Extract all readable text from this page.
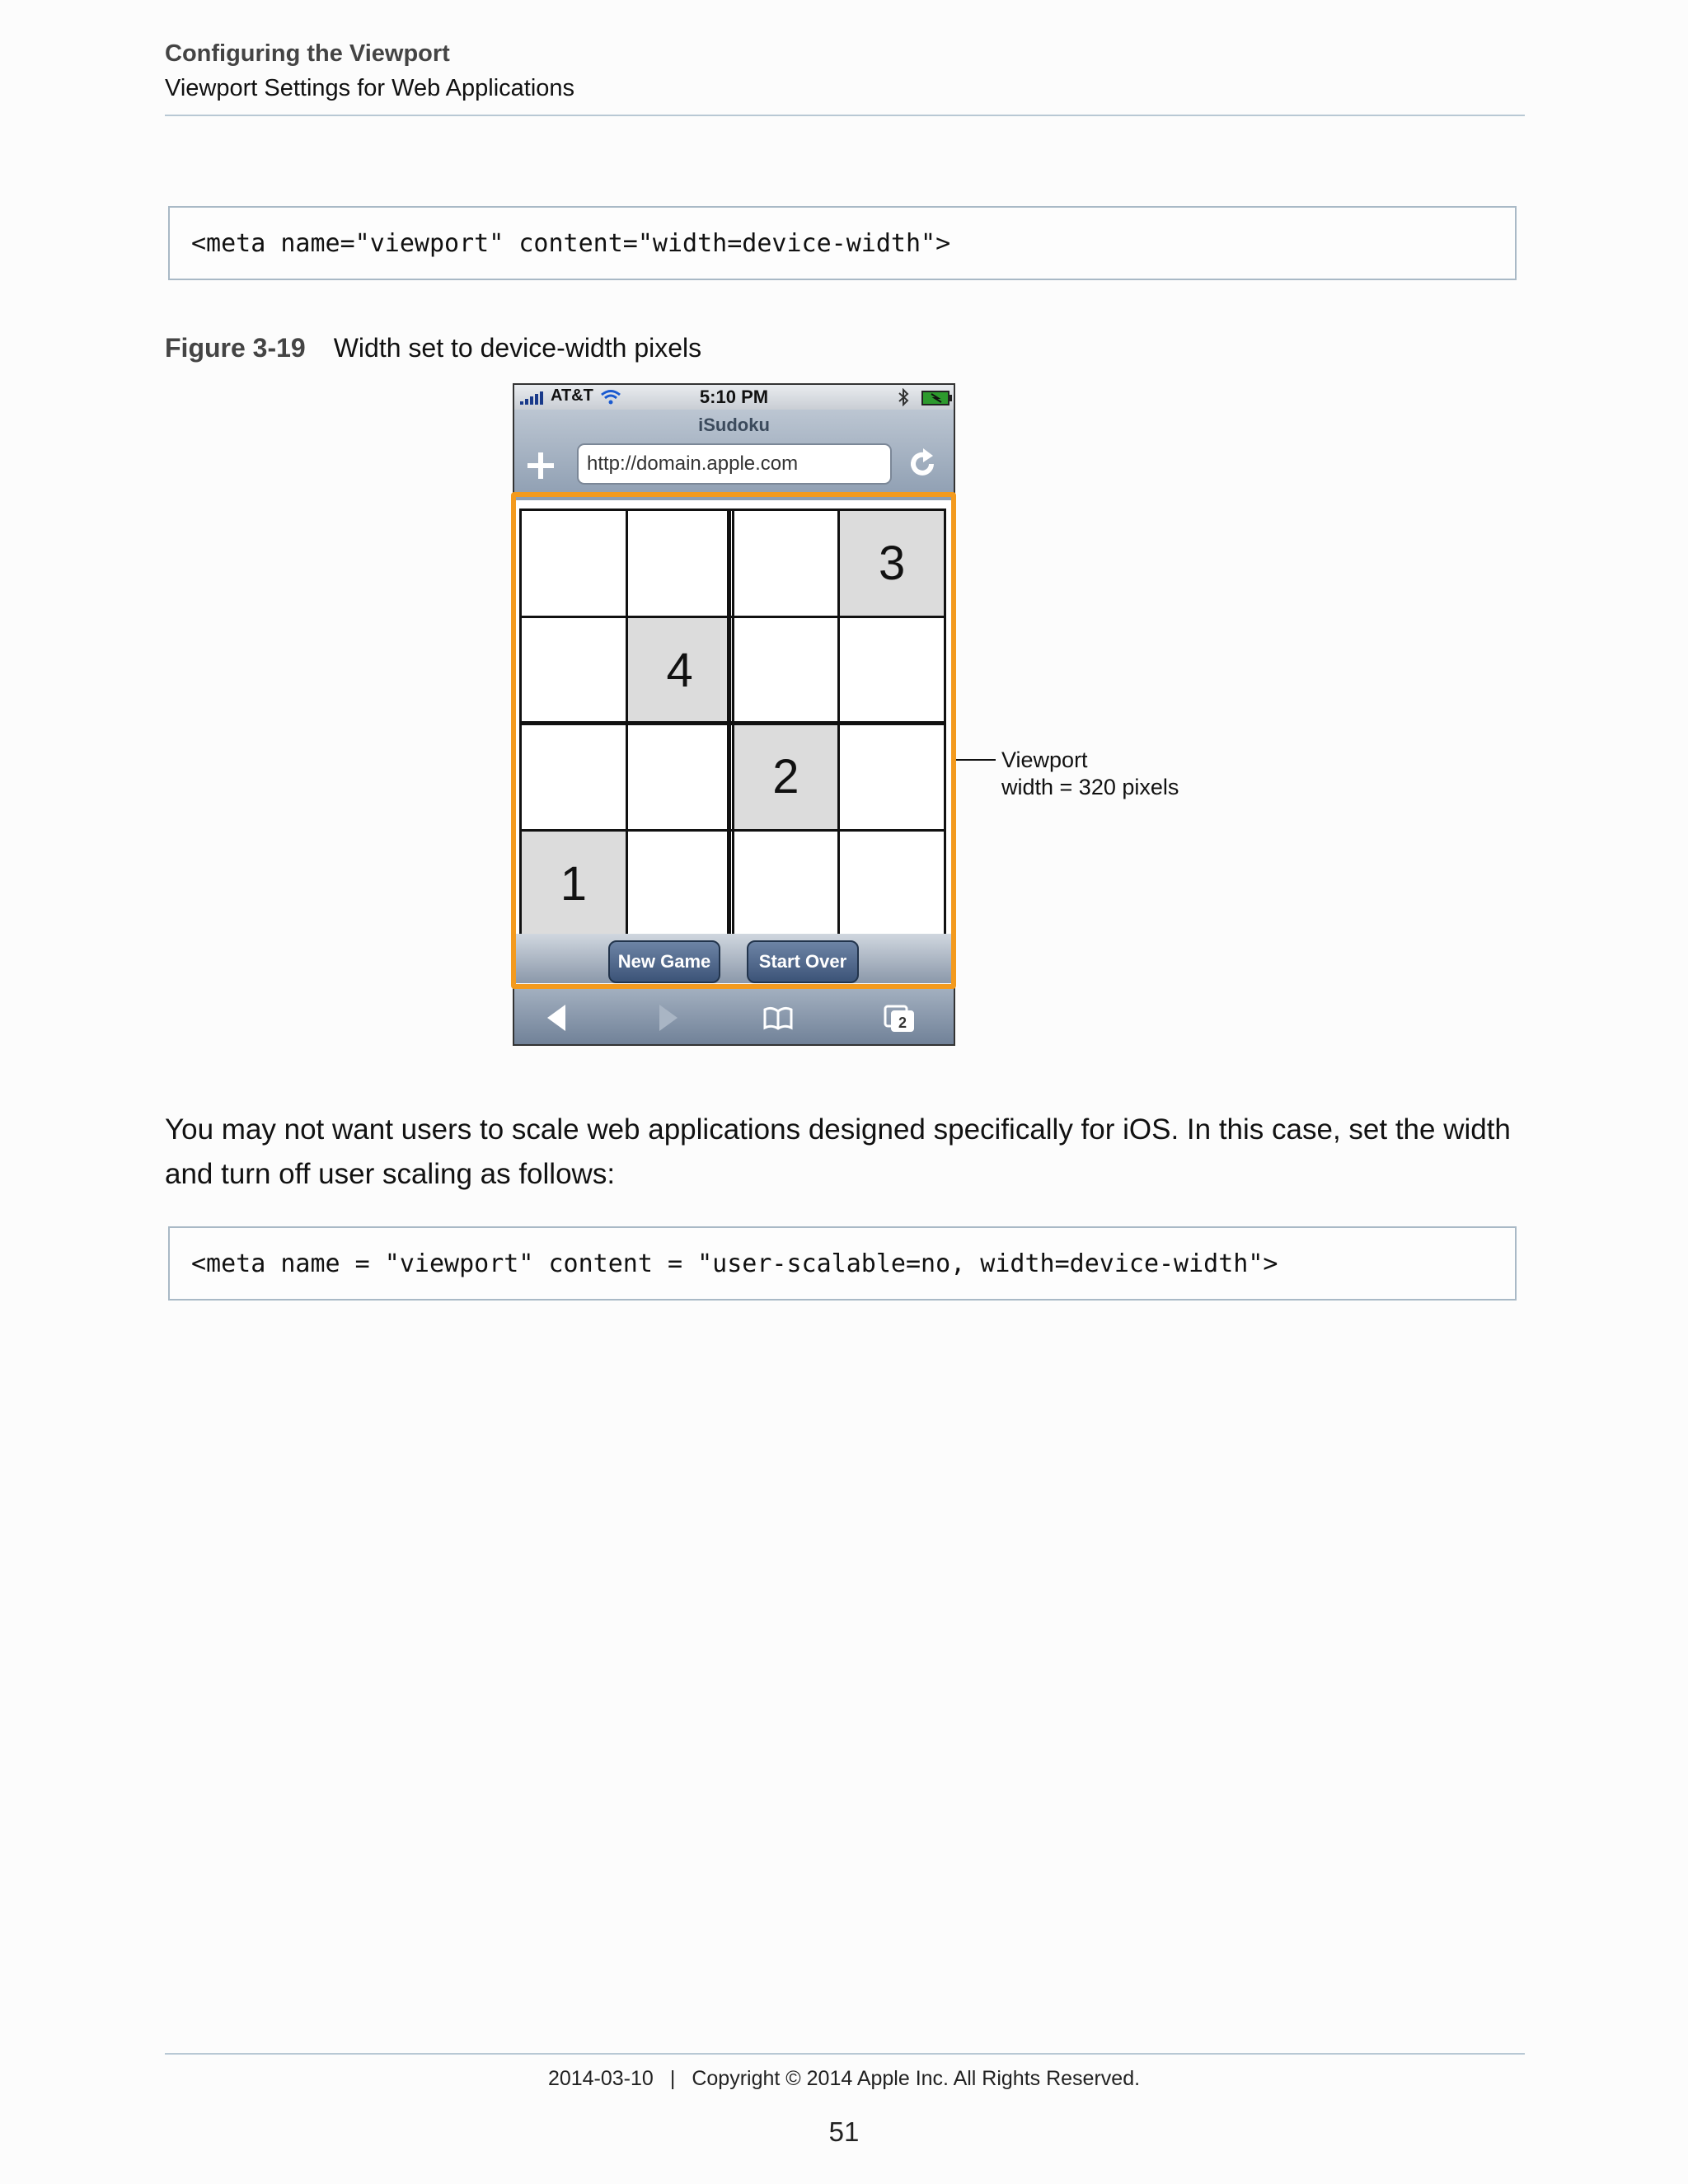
Configuring the Viewport
Viewport Settings for Web Applications
<meta name="viewport" content="width=device-width">
Figure 3-19 Width set to device-width pixels
AT&T	5:10 PM
iSudoku
http://domain.apple.com
3
4
2
1
New Game	Start Over
2
Viewport
width = 320 pixels

You may not want users to scale web applications designed specifically for iOS. In this case, set the width and turn off user scaling as follows:

<meta name = "viewport" content = "user-scalable=no, width=device-width">
2014-03-10 | Copyright © 2014 Apple Inc. All Rights Reserved.
51
